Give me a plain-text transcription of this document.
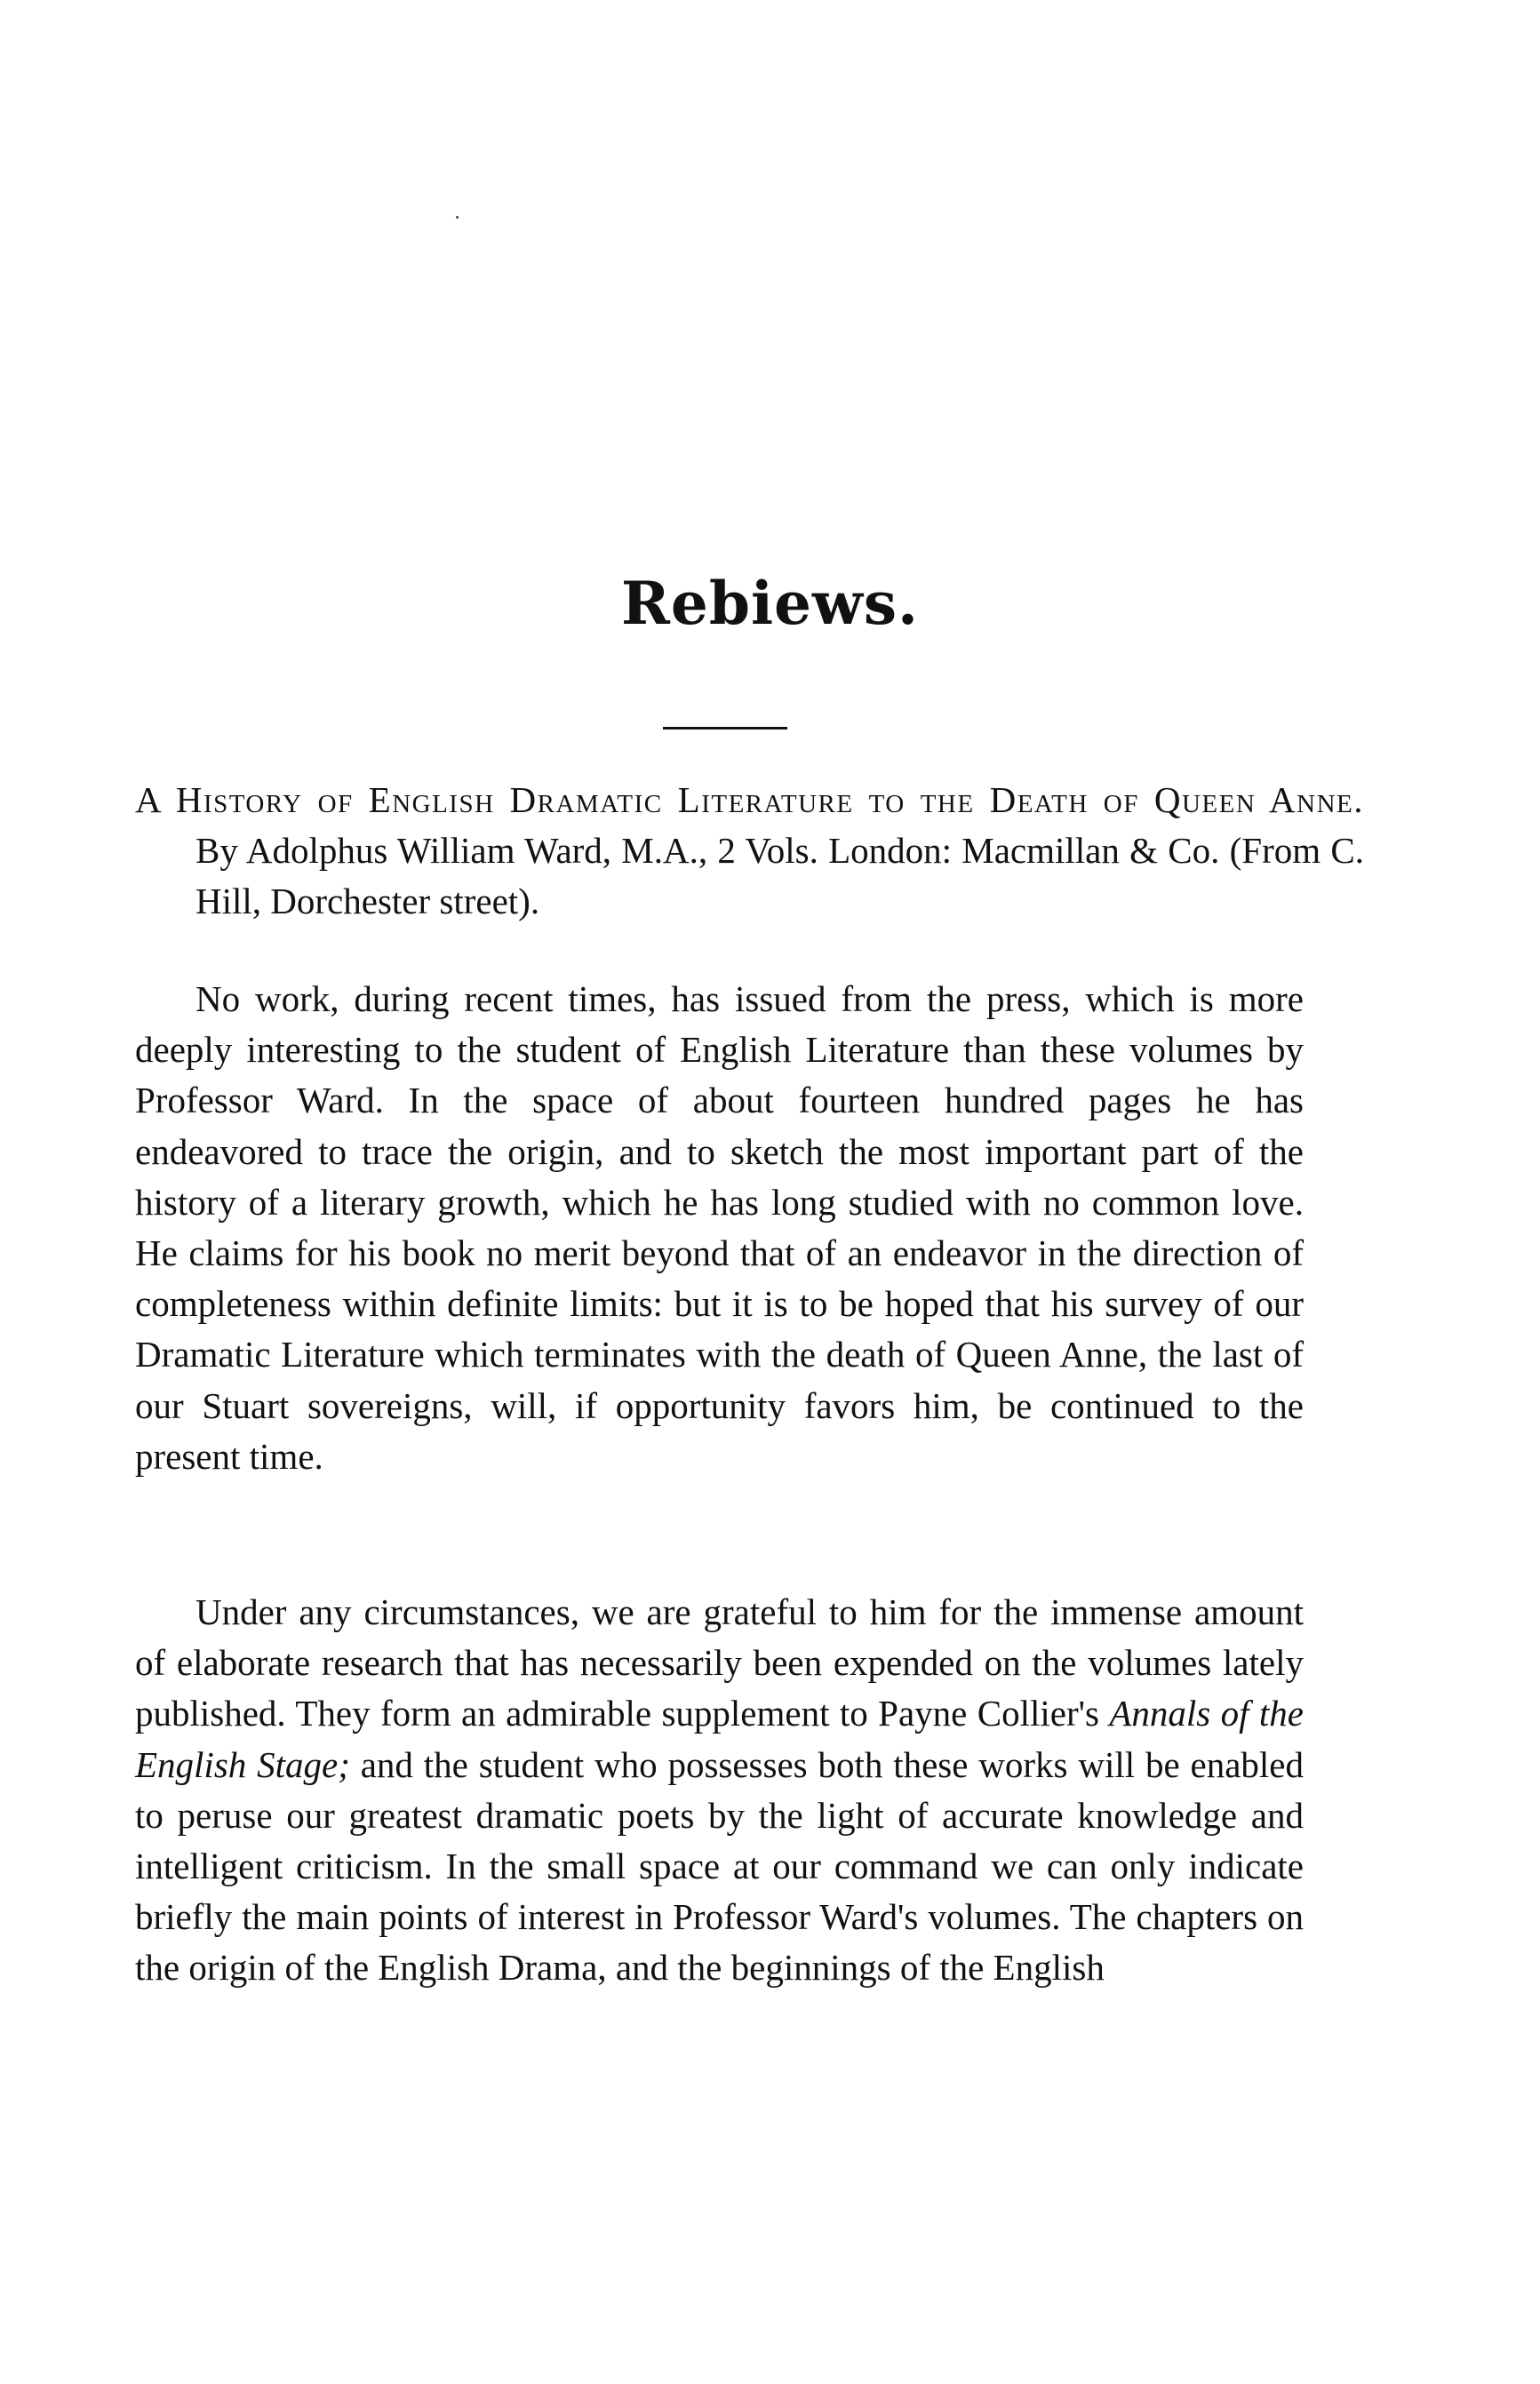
Rebiews.

A History of English Dramatic Literature to the Death of Queen Anne. By Adolphus William Ward, M.A., 2 Vols. London: Macmillan & Co. (From C. Hill, Dorchester street).

No work, during recent times, has issued from the press, which is more deeply interesting to the student of English Literature than these volumes by Professor Ward. In the space of about fourteen hundred pages he has endeavored to trace the origin, and to sketch the most important part of the history of a literary growth, which he has long studied with no common love. He claims for his book no merit beyond that of an endeavor in the direction of completeness within definite limits: but it is to be hoped that his survey of our Dramatic Literature which terminates with the death of Queen Anne, the last of our Stuart sovereigns, will, if opportunity favors him, be continued to the present time.

Under any circumstances, we are grateful to him for the immense amount of elaborate research that has necessarily been expended on the volumes lately published. They form an admirable supplement to Payne Collier's Annals of the English Stage; and the student who possesses both these works will be enabled to peruse our greatest dramatic poets by the light of accurate knowledge and intelligent criticism. In the small space at our command we can only indicate briefly the main points of interest in Professor Ward's volumes. The chapters on the origin of the English Drama, and the beginnings of the English
